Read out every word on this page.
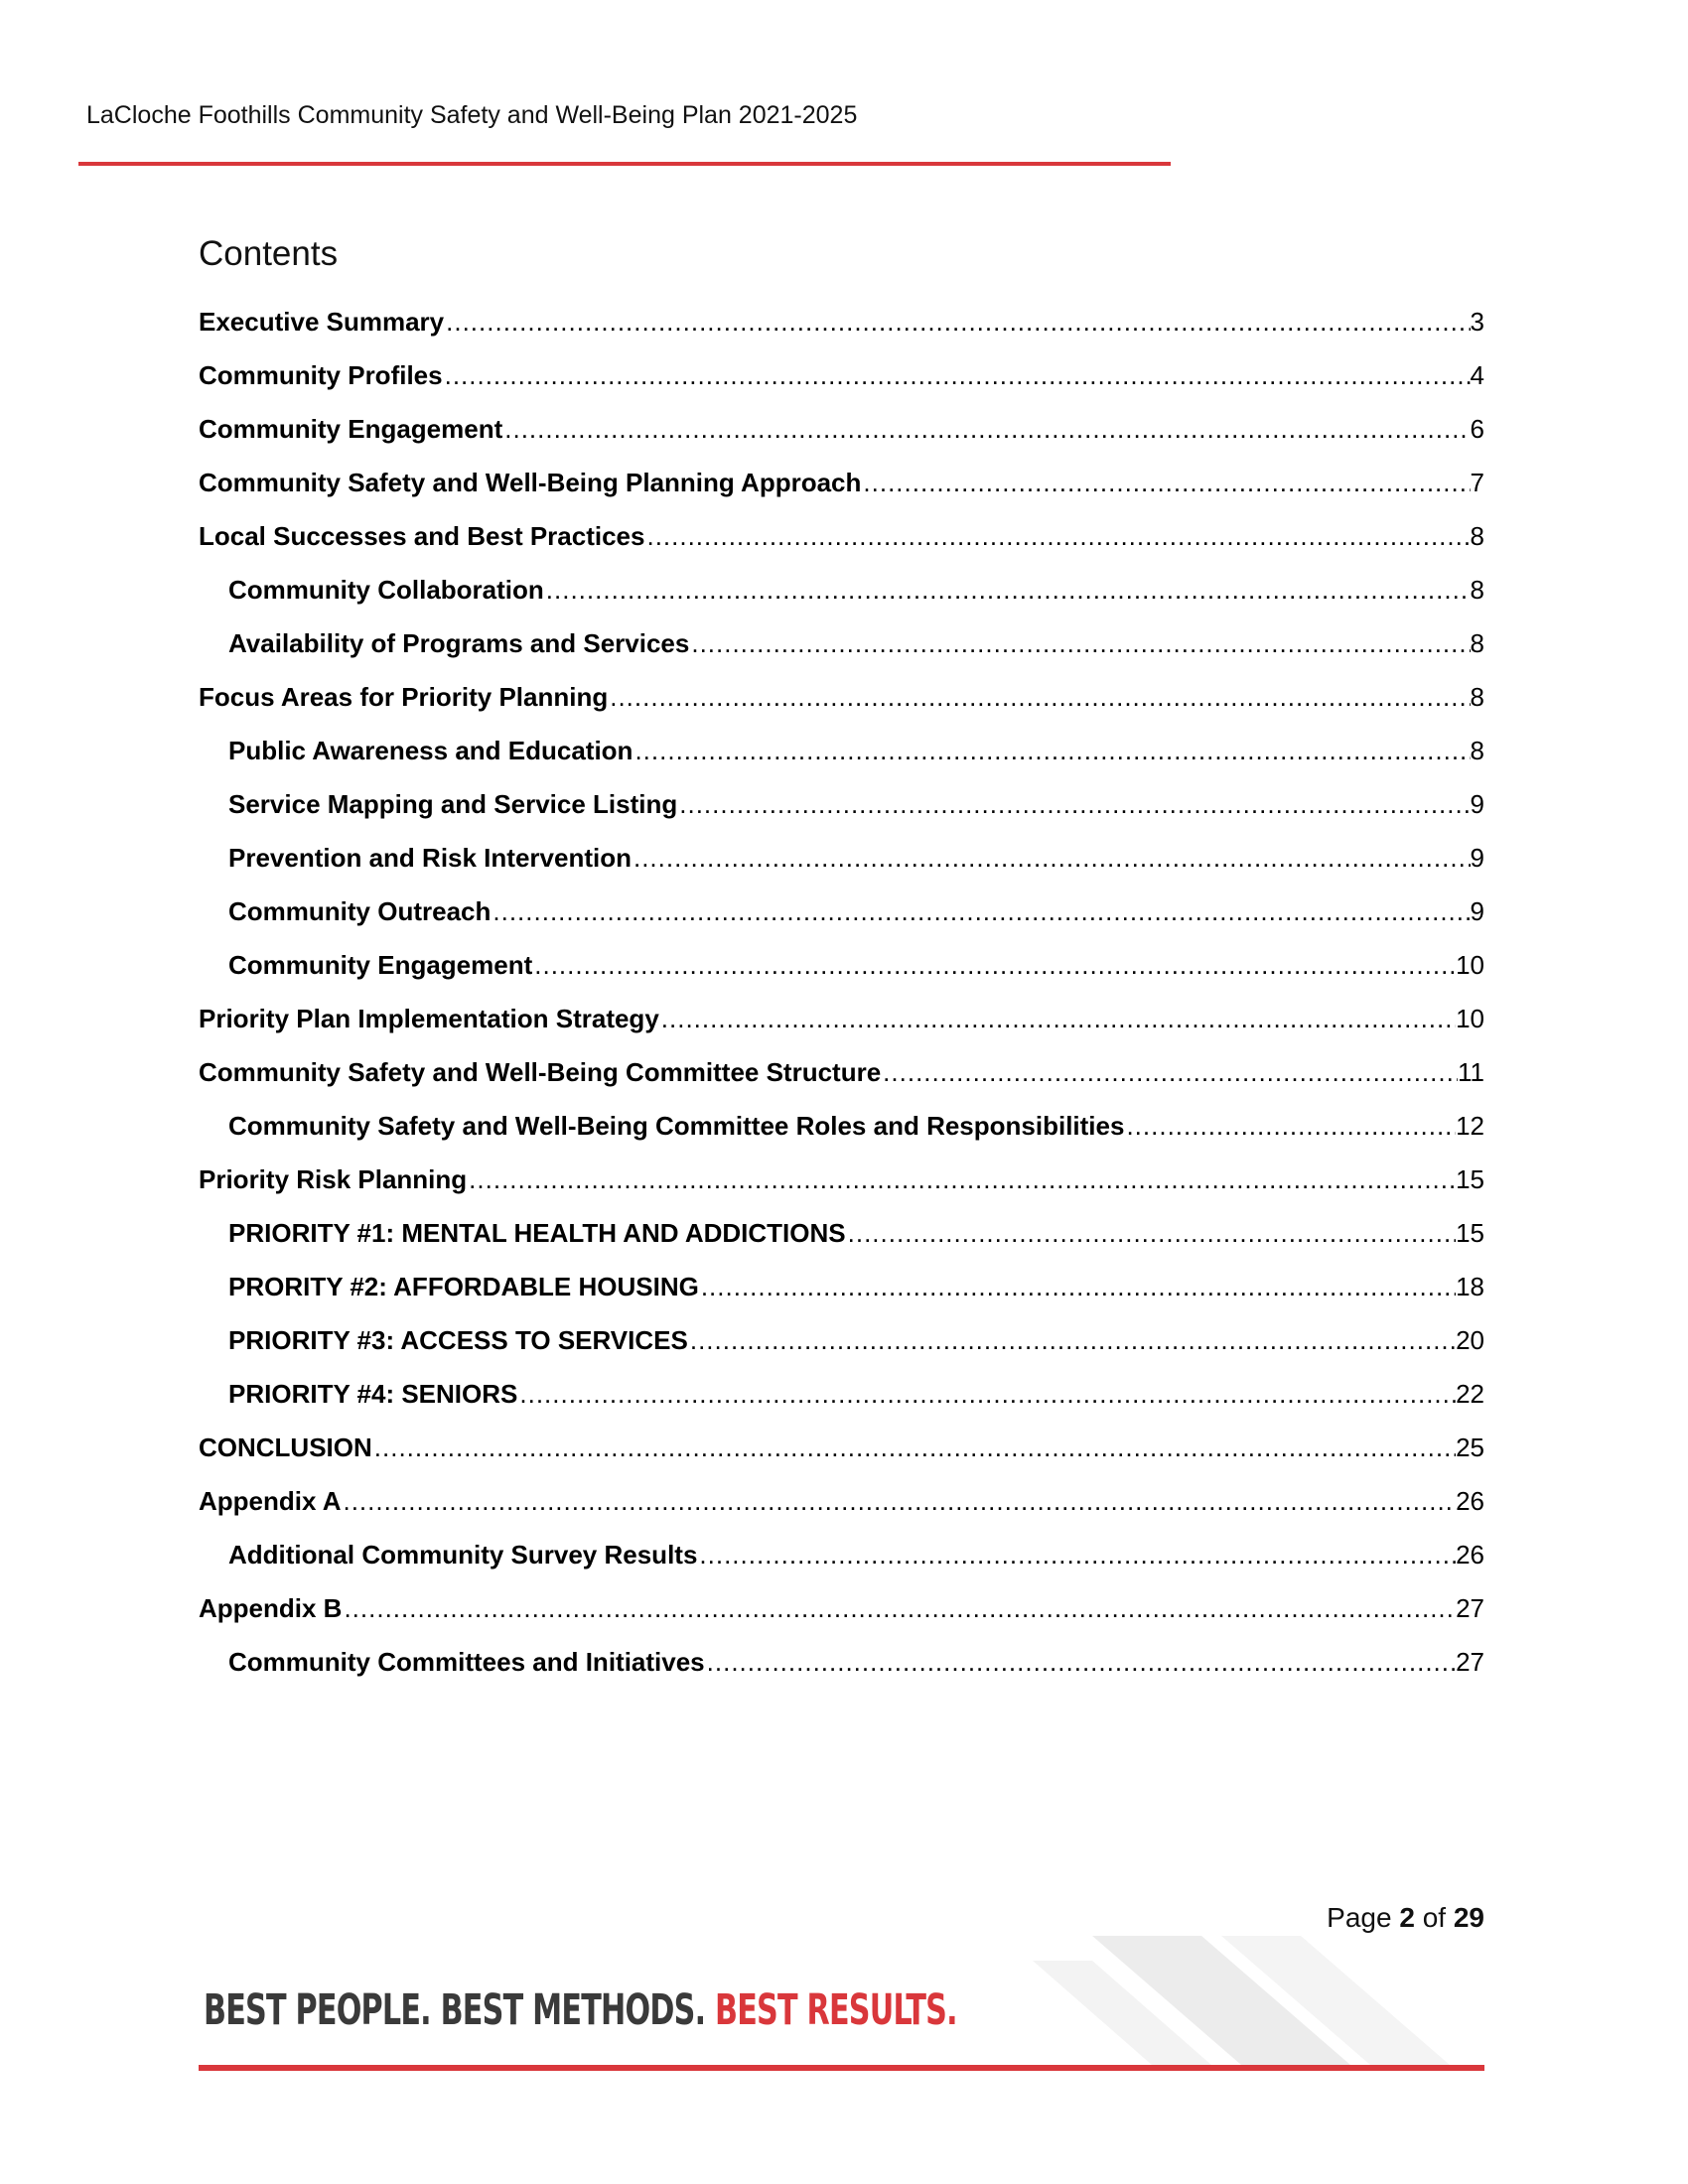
LaCloche Foothills Community Safety and Well-Being Plan 2021-2025
Contents
Executive Summary .....	3
Community Profiles .....	4
Community Engagement .....	6
Community Safety and Well-Being Planning Approach .....	7
Local Successes and Best Practices .....	8
Community Collaboration .....	8
Availability of Programs and Services .....	8
Focus Areas for Priority Planning .....	8
Public Awareness and Education .....	8
Service Mapping and Service Listing .....	9
Prevention and Risk Intervention .....	9
Community Outreach .....	9
Community Engagement .....	10
Priority Plan Implementation Strategy .....	10
Community Safety and Well-Being Committee Structure .....	11
Community Safety and Well-Being Committee Roles and Responsibilities .....	12
Priority Risk Planning .....	15
PRIORITY #1: MENTAL HEALTH AND ADDICTIONS .....	15
PRORITY #2: AFFORDABLE HOUSING .....	18
PRIORITY #3: ACCESS TO SERVICES .....	20
PRIORITY #4: SENIORS .....	22
CONCLUSION .....	25
Appendix A .....	26
Additional Community Survey Results .....	26
Appendix B .....	27
Community Committees and Initiatives .....	27
Page 2 of 29
BEST PEOPLE. BEST METHODS. BEST RESULTS.
